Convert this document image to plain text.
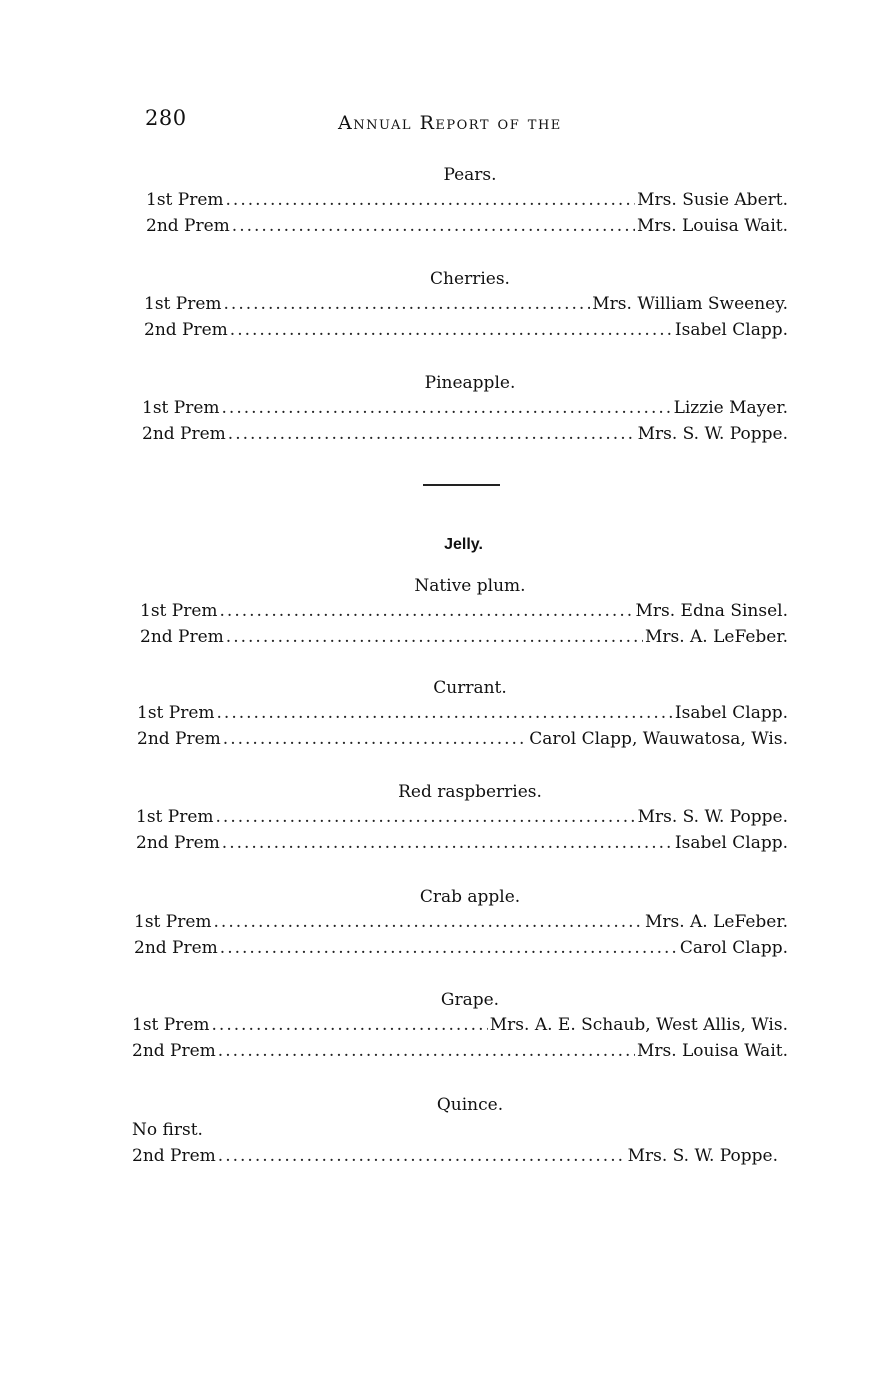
280	Annual Report of the
Pears.
1st Prem .....	Mrs. Susie Abert.
2nd Prem .....	Mrs. Louisa Wait.
Cherries.
1st Prem .....	Mrs. William Sweeney.
2nd Prem .....	Isabel Clapp.
Pineapple.
1st Prem .....	Lizzie Mayer.
2nd Prem .....	Mrs. S. W. Poppe.
Jelly.
Native plum.
1st Prem .....	Mrs. Edna Sinsel.
2nd Prem .....	Mrs. A. LeFeber.
Currant.
1st Prem .....	Isabel Clapp.
2nd Prem .....	Carol Clapp, Wauwatosa, Wis.
Red raspberries.
1st Prem .....	Mrs. S. W. Poppe.
2nd Prem .....	Isabel Clapp.
Crab apple.
1st Prem .....	Mrs. A. LeFeber.
2nd Prem .....	Carol Clapp.
Grape.
1st Prem .....	Mrs. A. E. Schaub, West Allis, Wis.
2nd Prem .....	Mrs. Louisa Wait.
Quince.
No first.
2nd Prem .....	Mrs. S. W. Poppe.
